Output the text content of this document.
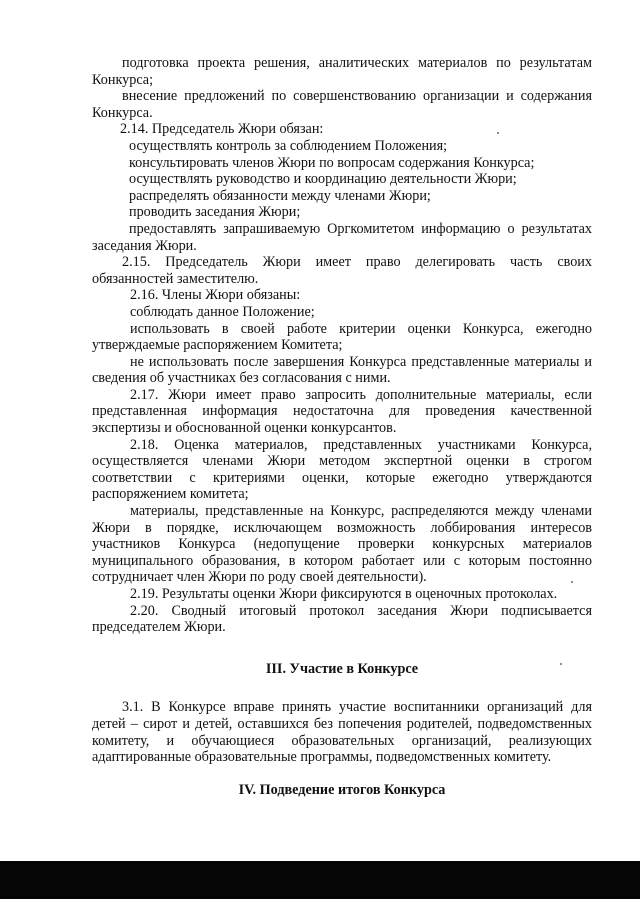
подготовка проекта решения, аналитических материалов по результатам Конкурса;

внесение предложений по совершенствованию организации и содержания Конкурса.

2.14. Председатель Жюри обязан:

осуществлять контроль за соблюдением Положения;

консультировать членов Жюри по вопросам содержания Конкурса;

осуществлять руководство и координацию деятельности Жюри;

распределять обязанности между членами Жюри;

проводить заседания Жюри;

предоставлять запрашиваемую Оргкомитетом информацию о результатах заседания Жюри.

2.15. Председатель Жюри имеет право делегировать часть своих обязанностей заместителю.

2.16. Члены Жюри обязаны:

соблюдать данное Положение;

использовать в своей работе критерии оценки Конкурса, ежегодно утверждаемые распоряжением Комитета;

не использовать после завершения Конкурса представленные материалы и сведения об участниках без согласования с ними.

2.17. Жюри имеет право запросить дополнительные материалы, если представленная информация недостаточна для проведения качественной экспертизы и обоснованной оценки конкурсантов.

2.18. Оценка материалов, представленных участниками Конкурса, осуществляется членами Жюри методом экспертной оценки в строгом соответствии с критериями оценки, которые ежегодно утверждаются распоряжением комитета;

материалы, представленные на Конкурс, распределяются между членами Жюри в порядке, исключающем возможность лоббирования интересов участников Конкурса (недопущение проверки конкурсных материалов муниципального образования, в котором работает или с которым постоянно сотрудничает член Жюри по роду своей деятельности).

2.19. Результаты оценки Жюри фиксируются в оценочных протоколах.

2.20. Сводный итоговый протокол заседания Жюри подписывается председателем Жюри.

III. Участие в Конкурсе

3.1. В Конкурсе вправе принять участие воспитанники организаций для детей – сирот и детей, оставшихся без попечения родителей, подведомственных комитету, и обучающиеся образовательных организаций, реализующих адаптированные образовательные программы, подведомственных комитету.

IV. Подведение итогов Конкурса
